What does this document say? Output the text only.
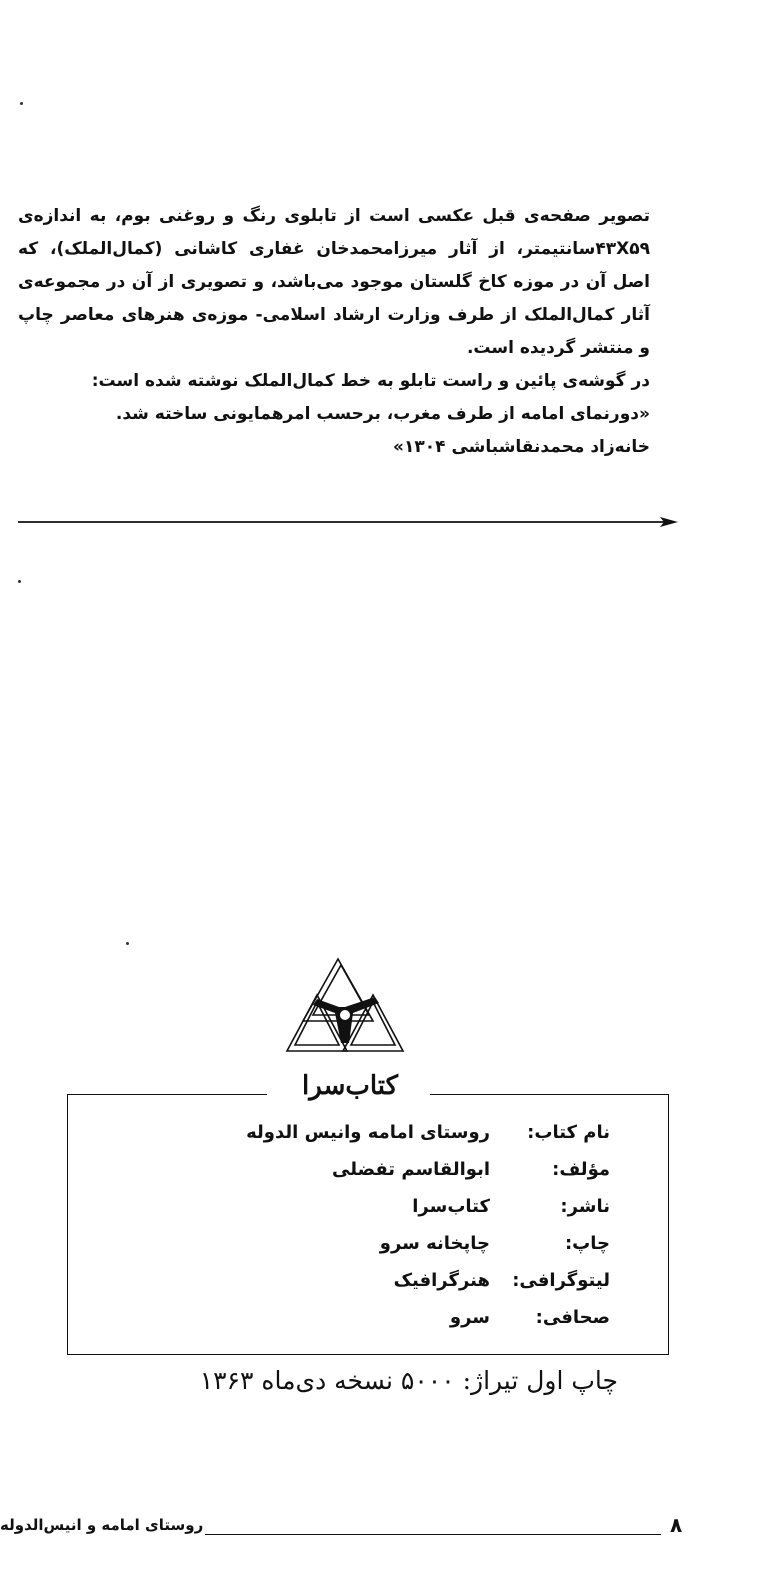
تصویر صفحه‌ی قبل عکسی است از تابلوی رنگ و روغنی بوم، به اندازه‌ی ۴۳X۵۹سانتیمتر، از آثار میرزامحمدخان غفاری کاشانی (کمال‌الملک)، که اصل آن در موزه کاخ گلستان موجود می‌باشد، و تصویری از آن در مجموعه‌ی آثار کمال‌الملک از طرف وزارت ارشاد اسلامی- موزه‌ی هنرهای معاصر چاپ و منتشر گردیده است.

در گوشه‌ی پائین و راست تابلو به خط کمال‌الملک نوشته شده است:

«دورنمای امامه از طرف مغرب، برحسب امرهمایونی ساخته شد.

خانه‌زاد محمدنقاشباشی ۱۳۰۴»

کتاب‌سرا
نام کتاب:
روستای امامه وانیس الدوله
مؤلف:
ابوالقاسم تفضلی
ناشر:
کتاب‌سرا
چاپ:
چاپخانه سرو
لیتوگرافی:
هنرگرافیک
صحافی:
سرو
چاپ اول تیراژ: ۵۰۰۰ نسخه دی‌ماه ۱۳۶۳
روستای امامه و انیس‌الدوله	۸
